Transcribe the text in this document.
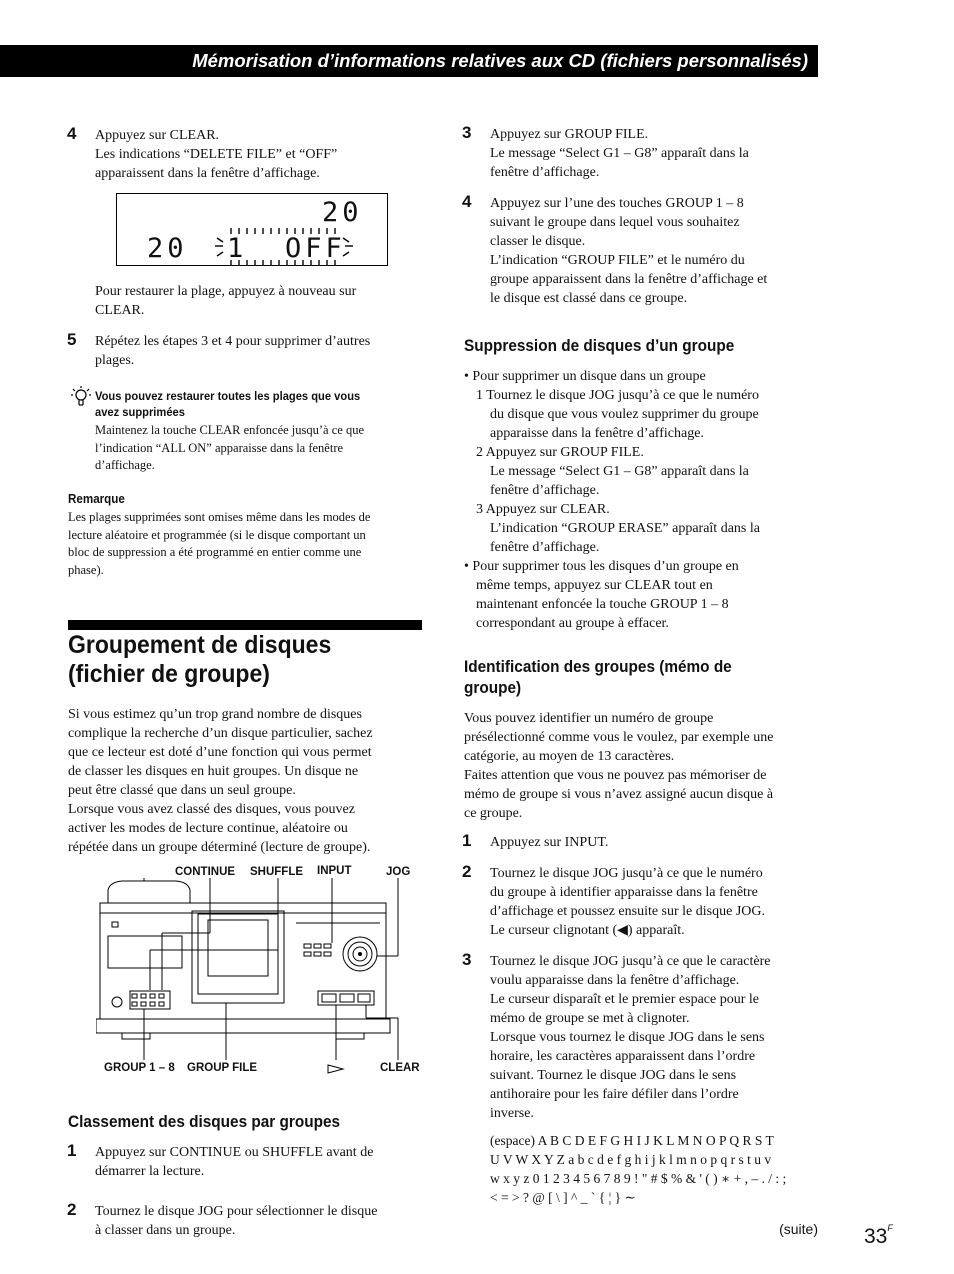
Mémorisation d’informations relatives aux CD (fichiers personnalisés)
4 Appuyez sur CLEAR.
Les indications “DELETE FILE” et “OFF”
apparaissent dans la fenêtre d’affichage.
20
20 1 OFF
Pour restaurer la plage, appuyez à nouveau sur
CLEAR.
5 Répétez les étapes 3 et 4 pour supprimer d’autres
plages.
Vous pouvez restaurer toutes les plages que vous
avez supprimées
Maintenez la touche CLEAR enfoncée jusqu’à ce que
l’indication “ALL ON” apparaisse dans la fenêtre
d’affichage.
Remarque
Les plages supprimées sont omises même dans les modes de
lecture aléatoire et programmée (si le disque comportant un
bloc de suppression a été programmé en entier comme une
phase).
Groupement de disques
(fichier de groupe)
Si vous estimez qu’un trop grand nombre de disques
complique la recherche d’un disque particulier, sachez
que ce lecteur est doté d’une fonction qui vous permet
de classer les disques en huit groupes. Un disque ne
peut être classé que dans un seul groupe.
Lorsque vous avez classé des disques, vous pouvez
activer les modes de lecture continue, aléatoire ou
répétée dans un groupe déterminé (lecture de groupe).
CONTINUE SHUFFLE INPUT	JOG
GROUP 1 – 8 GROUP FILE	CLEAR
Classement des disques par groupes
1 Appuyez sur CONTINUE ou SHUFFLE avant de
démarrer la lecture.
2 Tournez le disque JOG pour sélectionner le disque
à classer dans un groupe.
3 Appuyez sur GROUP FILE.
Le message “Select G1 – G8” apparaît dans la
fenêtre d’affichage.
4 Appuyez sur l’une des touches GROUP 1 – 8
suivant le groupe dans lequel vous souhaitez
classer le disque.
L’indication “GROUP FILE” et le numéro du
groupe apparaissent dans la fenêtre d’affichage et
le disque est classé dans ce groupe.
Suppression de disques d’un groupe
• Pour supprimer un disque dans un groupe
1 Tournez le disque JOG jusqu’à ce que le numéro
du disque que vous voulez supprimer du groupe
apparaisse dans la fenêtre d’affichage.
2 Appuyez sur GROUP FILE.
Le message “Select G1 – G8” apparaît dans la
fenêtre d’affichage.
3 Appuyez sur CLEAR.
L’indication “GROUP ERASE” apparaît dans la
fenêtre d’affichage.
• Pour supprimer tous les disques d’un groupe en
même temps, appuyez sur CLEAR tout en
maintenant enfoncée la touche GROUP 1 – 8
correspondant au groupe à effacer.
Identification des groupes (mémo de
groupe)
Vous pouvez identifier un numéro de groupe
présélectionné comme vous le voulez, par exemple une
catégorie, au moyen de 13 caractères.
Faites attention que vous ne pouvez pas mémoriser de
mémo de groupe si vous n’avez assigné aucun disque à
ce groupe.
1 Appuyez sur INPUT.
2 Tournez le disque JOG jusqu’à ce que le numéro
du groupe à identifier apparaisse dans la fenêtre
d’affichage et poussez ensuite sur le disque JOG.
Le curseur clignotant (◀) apparaît.
3 Tournez le disque JOG jusqu’à ce que le caractère
voulu apparaisse dans la fenêtre d’affichage.
Le curseur disparaît et le premier espace pour le
mémo de groupe se met à clignoter.
Lorsque vous tournez le disque JOG dans le sens
horaire, les caractères apparaissent dans l’ordre
suivant. Tournez le disque JOG dans le sens
antihoraire pour les faire défiler dans l’ordre
inverse.
(espace) A B C D E F G H I J K L M N O P Q R S T
U V W X Y Z a b c d e f g h i j k l m n o p q r s t u v
w x y z 0 1 2 3 4 5 6 7 8 9 ! " # $ % & ' ( ) ∗ + , – . / : ;
< = > ? @ [ \ ] ^ _ ` { ¦ } ∼
(suite) $33^F$
